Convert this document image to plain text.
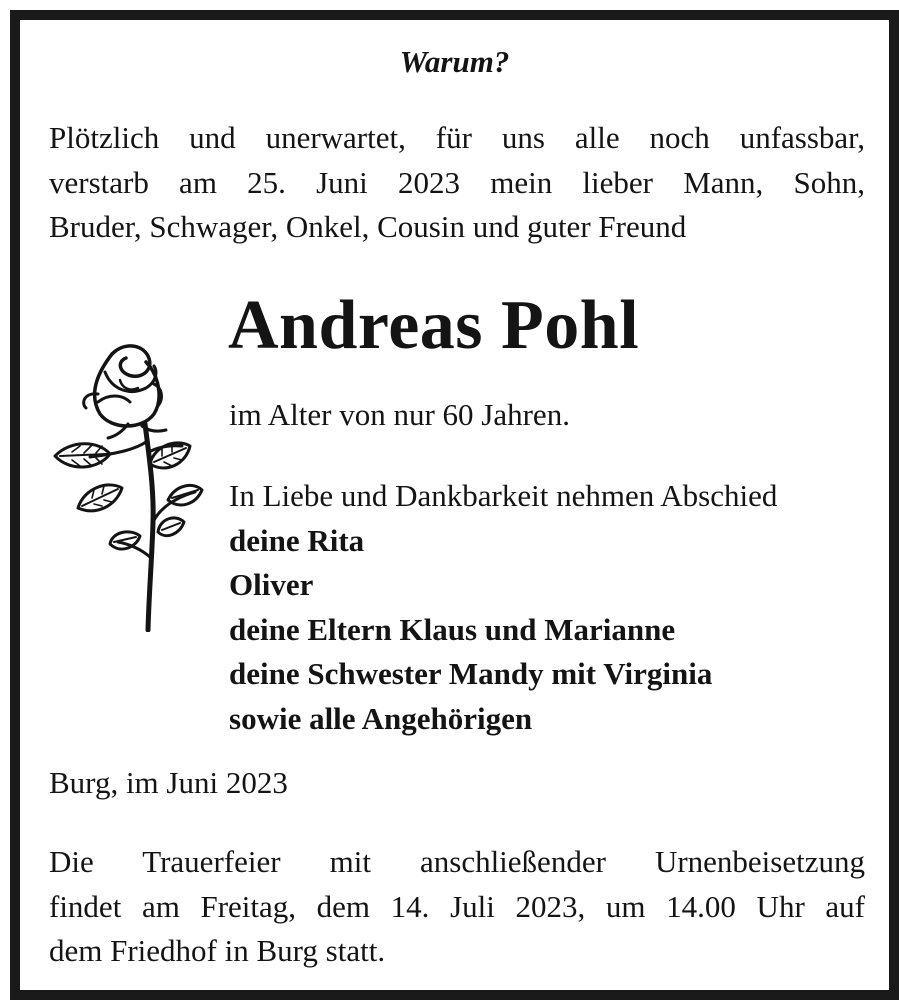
Warum?

Plötzlich und unerwartet, für uns alle noch unfassbar,
verstarb am 25. Juni 2023 mein lieber Mann, Sohn,
Bruder, Schwager, Onkel, Cousin und guter Freund

Andreas Pohl

im Alter von nur 60 Jahren.

In Liebe und Dankbarkeit nehmen Abschied
deine Rita
Oliver
deine Eltern Klaus und Marianne
deine Schwester Mandy mit Virginia
sowie alle Angehörigen

Burg, im Juni 2023

Die Trauerfeier mit anschließender Urnenbeisetzung
findet am Freitag, dem 14. Juli 2023, um 14.00 Uhr auf
dem Friedhof in Burg statt.
